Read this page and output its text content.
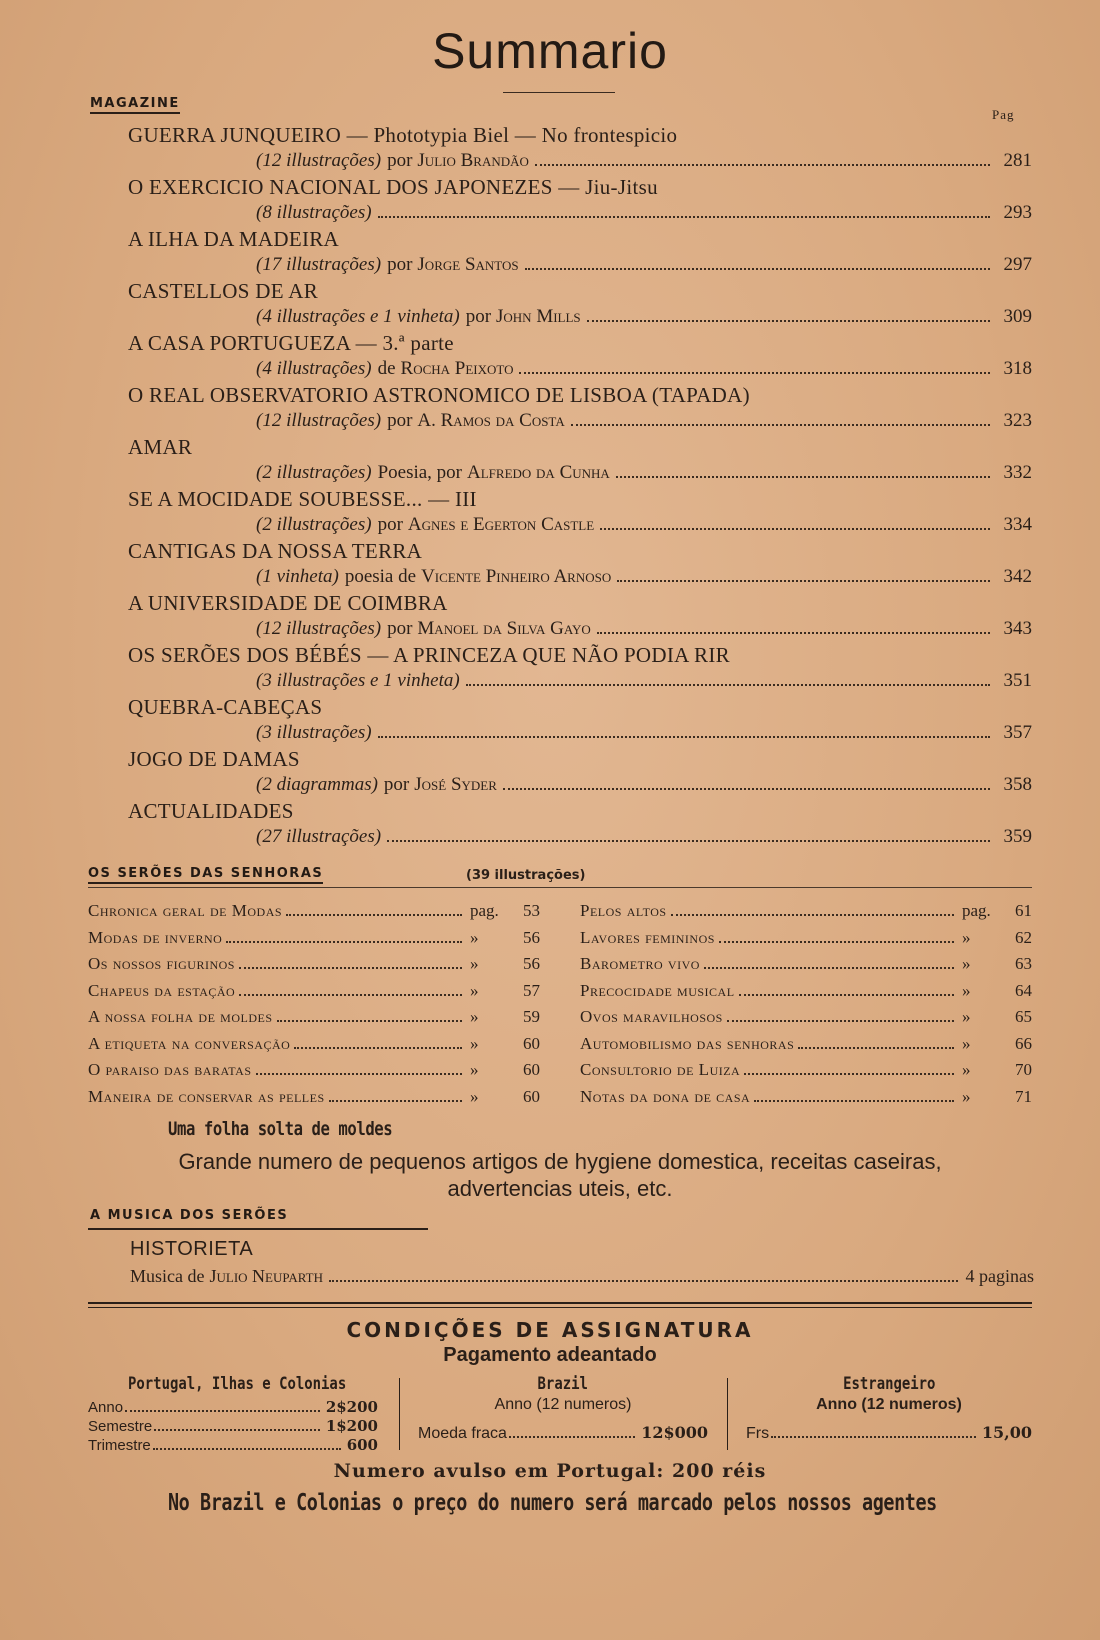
Summario
MAGAZINE
Pag
GUERRA JUNQUEIRO — Phototypia Biel — No frontespicio
(12 illustrações) por Julio Brandão	281
O EXERCICIO NACIONAL DOS JAPONEZES — Jiu-Jitsu
(8 illustrações)	293
A ILHA DA MADEIRA
(17 illustrações) por Jorge Santos	297
CASTELLOS DE AR
(4 illustrações e 1 vinheta) por John Mills	309
A CASA PORTUGUEZA — 3.ª parte
(4 illustrações) de Rocha Peixoto	318
O REAL OBSERVATORIO ASTRONOMICO DE LISBOA (TAPADA)
(12 illustrações) por A. Ramos da Costa	323
AMAR
(2 illustrações) Poesia, por Alfredo da Cunha	332
SE A MOCIDADE SOUBESSE... — III
(2 illustrações) por Agnes e Egerton Castle	334
CANTIGAS DA NOSSA TERRA
(1 vinheta) poesia de Vicente Pinheiro Arnoso	342
A UNIVERSIDADE DE COIMBRA
(12 illustrações) por Manoel da Silva Gayo	343
OS SERÕES DOS BÉBÉS — A PRINCEZA QUE NÃO PODIA RIR
(3 illustrações e 1 vinheta)	351
QUEBRA-CABEÇAS
(3 illustrações)	357
JOGO DE DAMAS
(2 diagrammas) por José Syder	358
ACTUALIDADES
(27 illustrações)	359
OS SERÕES DAS SENHORAS	(39 illustrações)
Chronica geral de Modas	pag.	53
Modas de inverno	»	56
Os nossos figurinos	»	56
Chapeus da estação	»	57
A nossa folha de moldes	»	59
A etiqueta na conversação	»	60
O paraiso das baratas	»	60
Maneira de conservar as pelles	»	60
Pelos altos	pag.	61
Lavores femininos	»	62
Barometro vivo	»	63
Precocidade musical	»	64
Ovos maravilhosos	»	65
Automobilismo das senhoras	»	66
Consultorio de Luiza	»	70
Notas da dona de casa	»	71
Uma folha solta de moldes
Grande numero de pequenos artigos de hygiene domestica, receitas caseiras,
advertencias uteis, etc.
A MUSICA DOS SERÕES
HISTORIETA
Musica de Julio Neuparth	4 paginas
CONDIÇÕES DE ASSIGNATURA
Pagamento adeantado
Portugal, Ilhas e Colonias
Anno	2$200
Semestre	1$200
Trimestre	600
Brazil
Anno (12 numeros)
Moeda fraca	12$000
Estrangeiro
Anno (12 numeros)
Frs	15,00
Numero avulso em Portugal: 200 réis
No Brazil e Colonias o preço do numero será marcado pelos nossos agentes
